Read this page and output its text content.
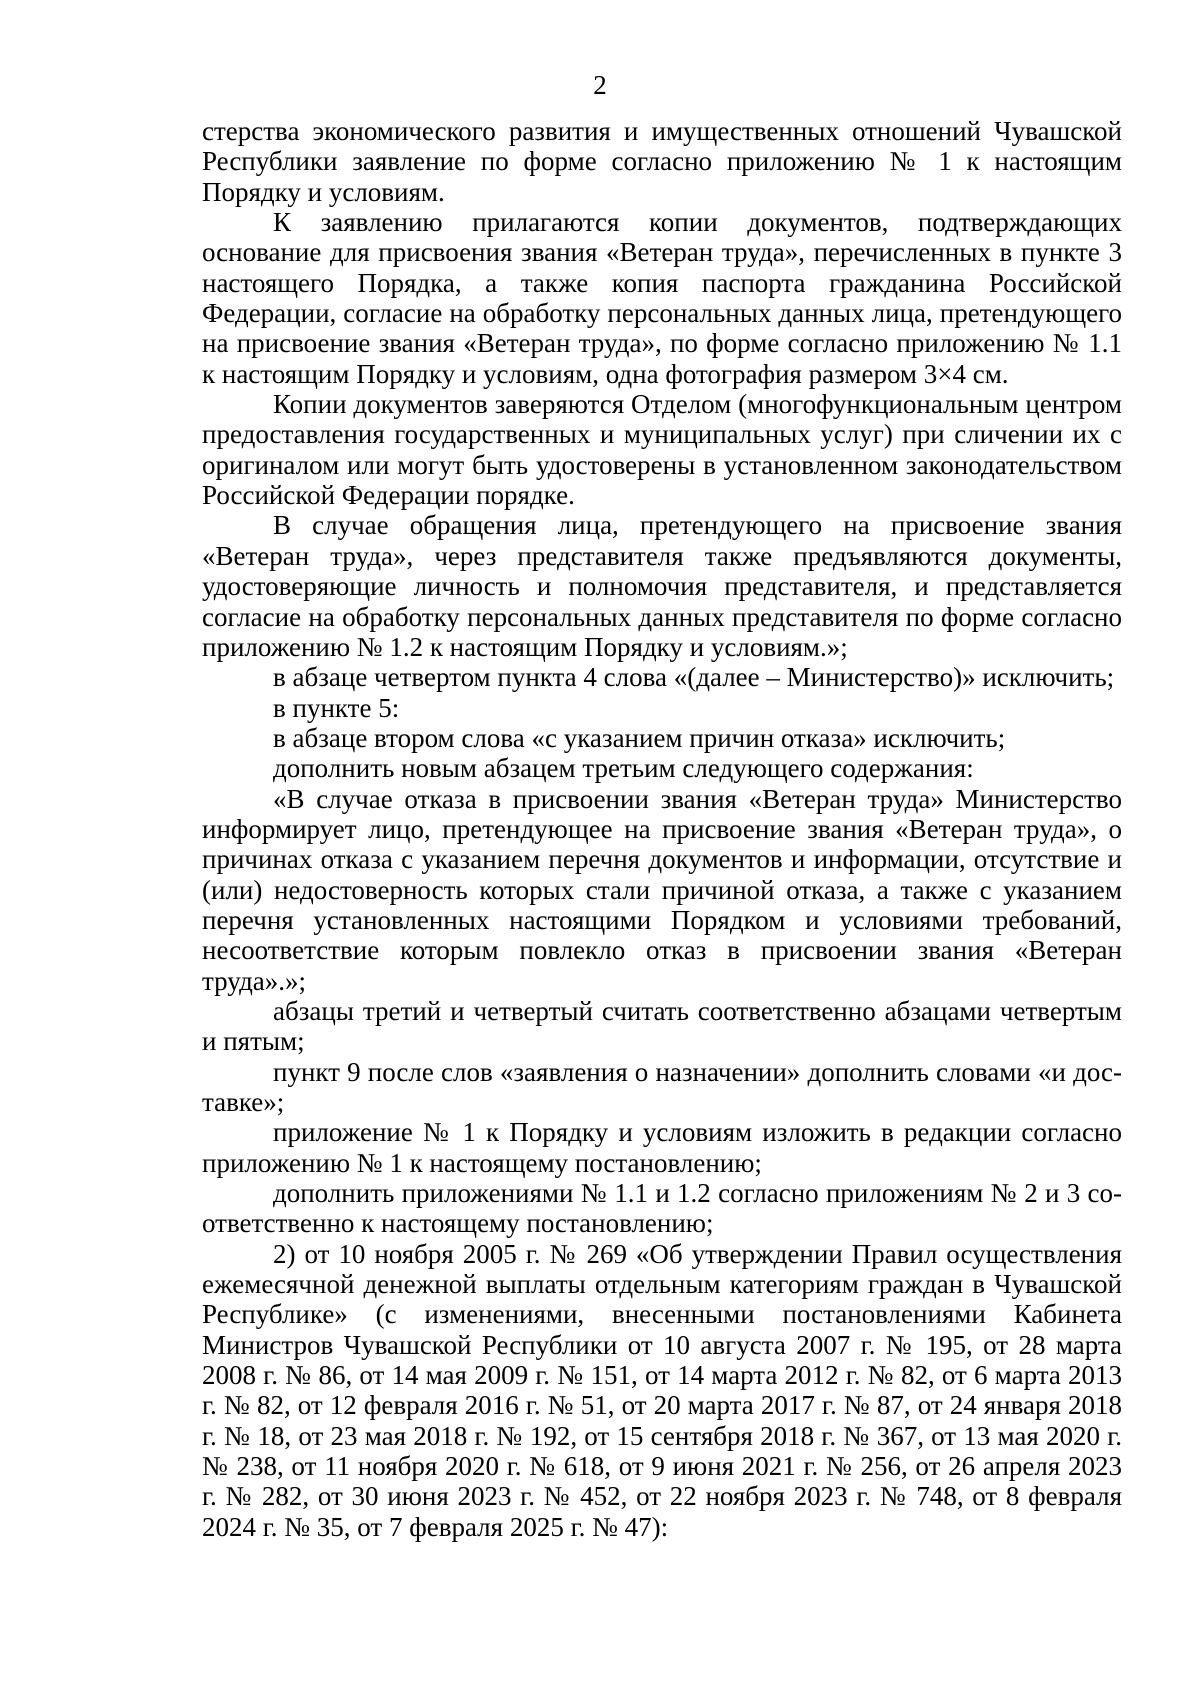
2

стерства экономического развития и имущественных отношений Чувашской Республики заявление по форме согласно приложению № 1 к настоящим Порядку и условиям.

К заявлению прилагаются копии документов, подтверждающих основание для присвоения звания «Ветеран труда», перечисленных в пункте 3 настоящего Порядка, а также копия паспорта гражданина Российской Федерации, согласие на обработку персональных данных лица, претендующего на присвоение звания «Ветеран труда», по форме согласно приложению № 1.1 к настоящим Порядку и условиям, одна фотография размером 3×4 см.

Копии документов заверяются Отделом (многофункциональным центром предоставления государственных и муниципальных услуг) при сличении их с оригиналом или могут быть удостоверены в установленном законодательством Российской Федерации порядке.

В случае обращения лица, претендующего на присвоение звания «Ветеран труда», через представителя также предъявляются документы, удостоверяющие личность и полномочия представителя, и представляется согласие на обработку персональных данных представителя по форме согласно приложению № 1.2 к настоящим Порядку и условиям.»;

в абзаце четвертом пункта 4 слова «(далее – Министерство)» исключить;

в пункте 5:

в абзаце втором слова «с указанием причин отказа» исключить;

дополнить новым абзацем третьим следующего содержания:

«В случае отказа в присвоении звания «Ветеран труда» Министерство информирует лицо, претендующее на присвоение звания «Ветеран труда», о причинах отказа с указанием перечня документов и информации, отсутствие и (или) недостоверность которых стали причиной отказа, а также с указанием перечня установленных настоящими Порядком и условиями требований, несоответствие которым повлекло отказ в присвоении звания «Ветеран труда».»;

абзацы третий и четвертый считать соответственно абзацами четвертым и пятым;

пункт 9 после слов «заявления о назначении» дополнить словами «и доставке»;

приложение № 1 к Порядку и условиям изложить в редакции согласно приложению № 1 к настоящему постановлению;

дополнить приложениями № 1.1 и 1.2 согласно приложениям № 2 и 3 соответственно к настоящему постановлению;

2) от 10 ноября 2005 г. № 269 «Об утверждении Правил осуществления ежемесячной денежной выплаты отдельным категориям граждан в Чувашской Республике» (с изменениями, внесенными постановлениями Кабинета Министров Чувашской Республики от 10 августа 2007 г. № 195, от 28 марта 2008 г. № 86, от 14 мая 2009 г. № 151, от 14 марта 2012 г. № 82, от 6 марта 2013 г. № 82, от 12 февраля 2016 г. № 51, от 20 марта 2017 г. № 87, от 24 января 2018 г. № 18, от 23 мая 2018 г. № 192, от 15 сентября 2018 г. № 367, от 13 мая 2020 г. № 238, от 11 ноября 2020 г. № 618, от 9 июня 2021 г. № 256, от 26 апреля 2023 г. № 282, от 30 июня 2023 г. № 452, от 22 ноября 2023 г. № 748, от 8 февраля 2024 г. № 35, от 7 февраля 2025 г. № 47):
